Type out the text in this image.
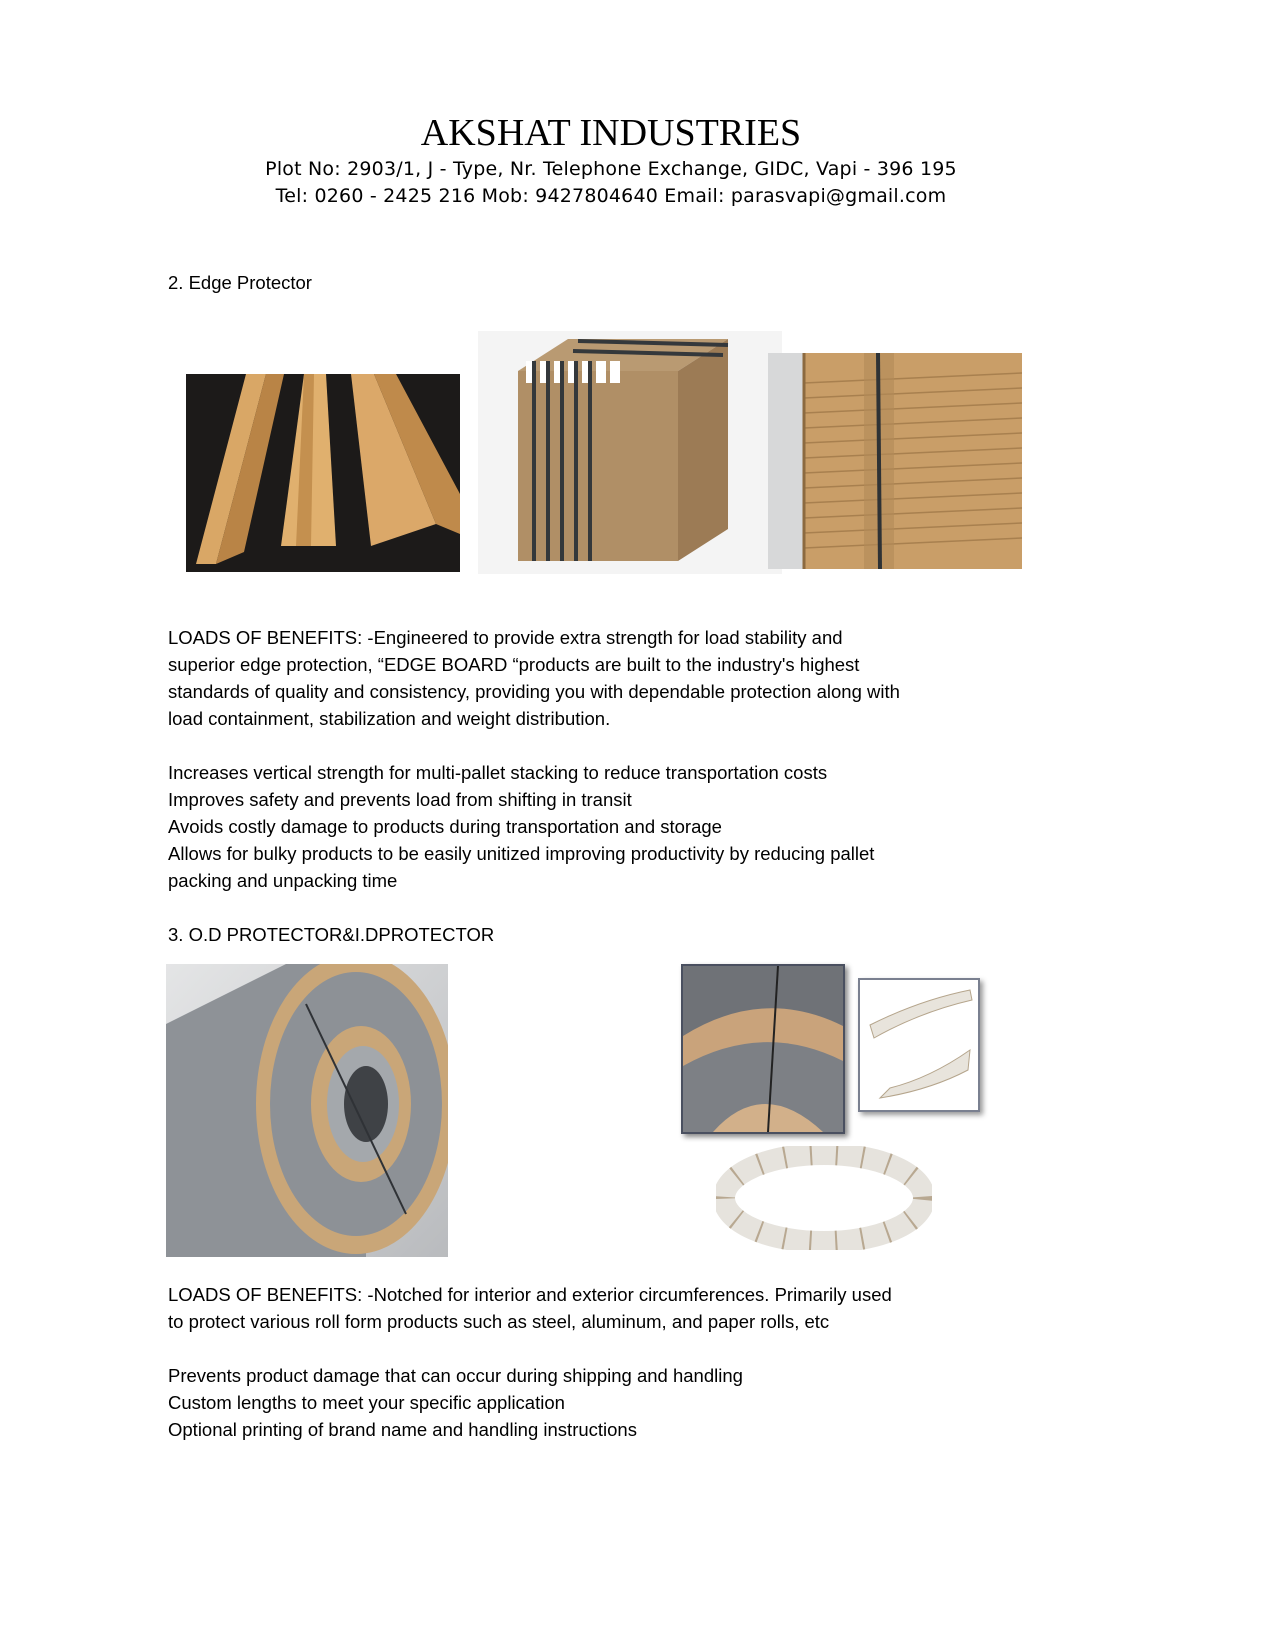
AKSHAT INDUSTRIES

Plot No: 2903/1, J - Type, Nr. Telephone Exchange, GIDC, Vapi - 396 195

Tel: 0260 - 2425 216 Mob: 9427804640 Email: parasvapi@gmail.com

2. Edge Protector
LOADS OF BENEFITS: -Engineered to provide extra strength for load stability and
superior edge protection, “EDGE BOARD “products are built to the industry's highest
standards of quality and consistency, providing you with dependable protection along with
load containment, stabilization and weight distribution.
Increases vertical strength for multi-pallet stacking to reduce transportation costs
Improves safety and prevents load from shifting in transit
Avoids costly damage to products during transportation and storage
Allows for bulky products to be easily unitized improving productivity by reducing pallet
packing and unpacking time
3. O.D PROTECTOR&I.DPROTECTOR
LOADS OF BENEFITS: -Notched for interior and exterior circumferences. Primarily used
to protect various roll form products such as steel, aluminum, and paper rolls, etc
Prevents product damage that can occur during shipping and handling
Custom lengths to meet your specific application
Optional printing of brand name and handling instructions
